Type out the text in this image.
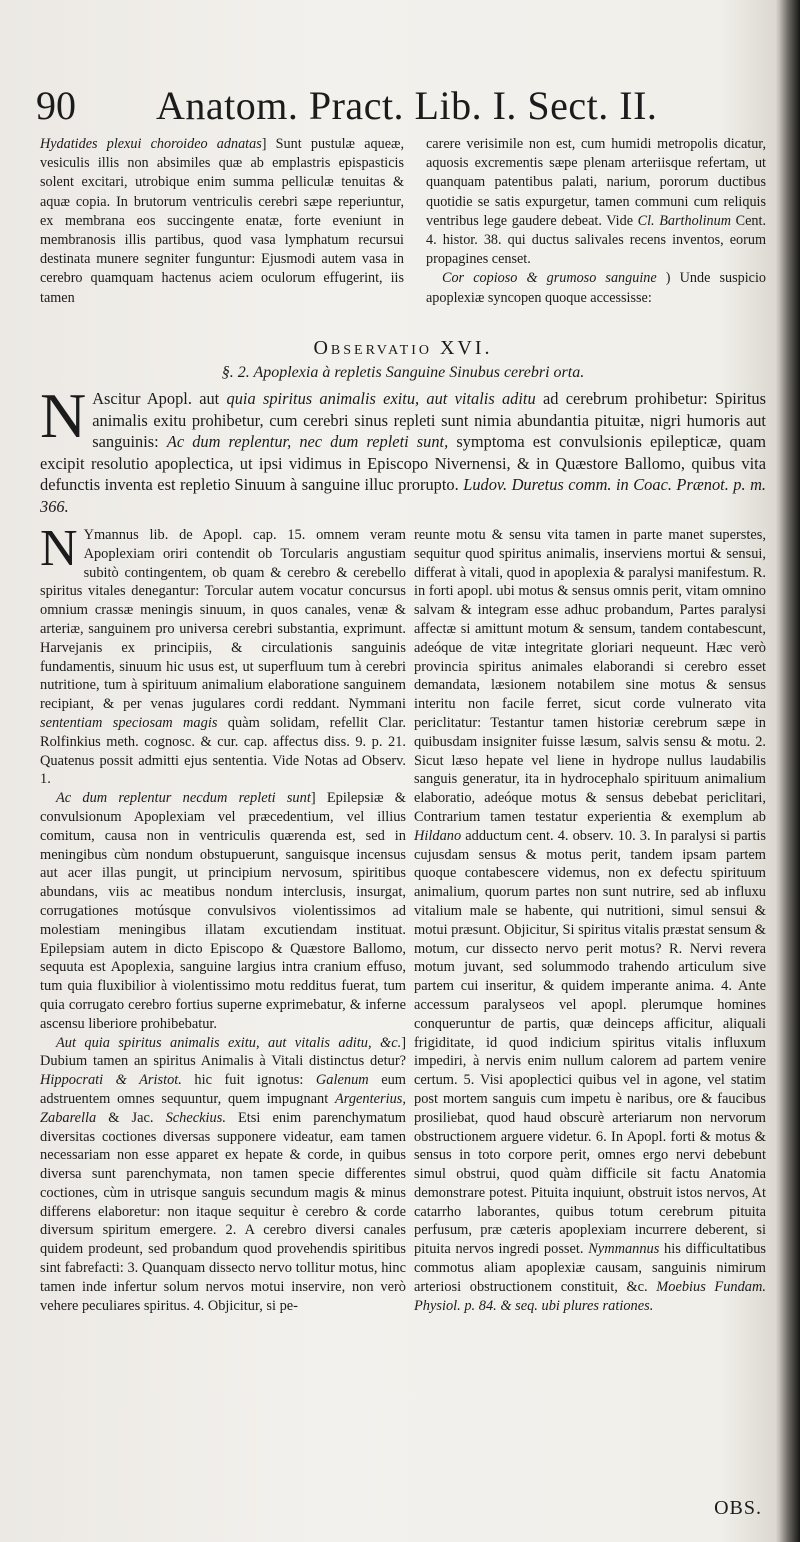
90 Anatom. Pract. Lib. I. Sect. II.

Hydatides plexui choroideo adnatas] Sunt pustulæ aqueæ, vesiculis illis non absimiles quæ ab emplastris epispasticis solent excitari, utrobique enim summa pelliculæ tenuitas & aquæ copia. In brutorum ventriculis cerebri sæpe reperiuntur, ex membrana eos succingente enatæ, forte eveniunt in membranosis illis partibus, quod vasa lymphatum recursui destinata munere segniter funguntur: Ejusmodi autem vasa in cerebro quamquam hactenus aciem oculorum effugerint, iis tamen

carere verisimile non est, cum humidi metropolis dicatur, aquosis excrementis sæpe plenam arteriisque refertam, ut quanquam patentibus palati, narium, pororum ductibus quotidie se satis expurgetur, tamen communi cum reliquis ventribus lege gaudere debeat. Vide Cl. Bartholinum Cent. 4. histor. 38. qui ductus salivales recens inventos, eorum propagines censet.

Cor copioso & grumoso sanguine ) Unde suspicio apoplexiæ syncopen quoque accessisse:

Observatio XVI.
§. 2. Apoplexia à repletis Sanguine Sinubus cerebri orta.

N Ascitur Apopl. aut quia spiritus animalis exitu, aut vitalis aditu ad cerebrum prohibetur: Spiritus animalis exitu prohibetur, cum cerebri sinus repleti sunt nimia abundantia pituitæ, nigri humoris aut sanguinis: Ac dum replentur, nec dum repleti sunt, symptoma est convulsionis epilepticæ, quam excipit resolutio apoplectica, ut ipsi vidimus in Episcopo Nivernensi, & in Quæstore Ballomo, quibus vita defunctis inventa est repletio Sinuum à sanguine illuc prorupto. Ludov. Duretus comm. in Coac. Prænot. p. m. 366.

N Ymannus lib. de Apopl. cap. 15. omnem veram Apoplexiam oriri contendit ob Torcularis angustiam subitò contingentem, ob quam & cerebro & cerebello spiritus vitales denegantur: Torcular autem vocatur concursus omnium crassæ meningis sinuum, in quos canales, venæ & arteriæ, sanguinem pro universa cerebri substantia, exprimunt. Harvejanis ex principiis, & circulationis sanguinis fundamentis, sinuum hic usus est, ut superfluum tum à cerebri nutritione, tum à spirituum animalium elaboratione sanguinem recipiant, & per venas jugulares cordi reddant. Nymmani sententiam speciosam magis quàm solidam, refellit Clar. Rolfinkius meth. cognosc. & cur. cap. affectus diss. 9. p. 21. Quatenus possit admitti ejus sententia. Vide Notas ad Observ. 1.

Ac dum replentur necdum repleti sunt] Epilepsiæ & convulsionum Apoplexiam vel præcedentium, vel illius comitum, causa non in ventriculis quærenda est, sed in meningibus cùm nondum obstupuerunt, sanguisque incensus aut acer illas pungit, ut principium nervosum, spiritibus abundans, viis ac meatibus nondum interclusis, insurgat, corrugationes motúsque convulsivos violentissimos ad molestiam meningibus illatam excutiendam instituat. Epilepsiam autem in dicto Episcopo & Quæstore Ballomo, sequuta est Apoplexia, sanguine largius intra cranium effuso, tum quia fluxibilior à violentissimo motu redditus fuerat, tum quia corrugato cerebro fortius superne exprimebatur, & inferne ascensu liberiore prohibebatur.

Aut quia spiritus animalis exitu, aut vitalis aditu, &c.] Dubium tamen an spiritus Animalis à Vitali distinctus detur? Hippocrati & Aristot. hic fuit ignotus: Galenum eum adstruentem omnes sequuntur, quem impugnant Argenterius, Zabarella & Jac. Scheckius. Etsi enim parenchymatum diversitas coctiones diversas supponere videatur, eam tamen necessariam non esse apparet ex hepate & corde, in quibus diversa sunt parenchymata, non tamen specie differentes coctiones, cùm in utrisque sanguis secundum magis & minus differens elaboretur: non itaque sequitur è cerebro & corde diversum spiritum emergere. 2. A cerebro diversi canales quidem prodeunt, sed probandum quod provehendis spiritibus sint fabrefacti: 3. Quanquam dissecto nervo tollitur motus, hinc tamen inde infertur solum nervos motui inservire, non verò vehere peculiares spiritus. 4. Objicitur, si pe-

reunte motu & sensu vita tamen in parte manet superstes, sequitur quod spiritus animalis, inserviens mortui & sensui, differat à vitali, quod in apoplexia & paralysi manifestum. R. in forti apopl. ubi motus & sensus omnis perit, vitam omnino salvam & integram esse adhuc probandum, Partes paralysi affectæ si amittunt motum & sensum, tandem contabescunt, adeóque de vitæ integritate gloriari nequeunt. Hæc verò provincia spiritus animales elaborandi si cerebro esset demandata, læsionem notabilem sine motus & sensus interitu non facile ferret, sicut corde vulnerato vita periclitatur: Testantur tamen historiæ cerebrum sæpe in quibusdam insigniter fuisse læsum, salvis sensu & motu. 2. Sicut læso hepate vel liene in hydrope nullus laudabilis sanguis generatur, ita in hydrocephalo spirituum animalium elaboratio, adeóque motus & sensus debebat periclitari, Contrarium tamen testatur experientia & exemplum ab Hildano adductum cent. 4. observ. 10. 3. In paralysi si partis cujusdam sensus & motus perit, tandem ipsam partem quoque contabescere videmus, non ex defectu spirituum animalium, quorum partes non sunt nutrire, sed ab influxu vitalium male se habente, qui nutritioni, simul sensui & motui præsunt. Objicitur, Si spiritus vitalis præstat sensum & motum, cur dissecto nervo perit motus? R. Nervi revera motum juvant, sed solummodo trahendo articulum sive partem cui inseritur, & quidem imperante anima. 4. Ante accessum paralyseos vel apopl. plerumque homines conqueruntur de partis, quæ deinceps afficitur, aliquali frigiditate, id quod indicium spiritus vitalis influxum impediri, à nervis enim nullum calorem ad partem venire certum. 5. Visi apoplectici quibus vel in agone, vel statim post mortem sanguis cum impetu è naribus, ore & faucibus prosiliebat, quod haud obscurè arteriarum non nervorum obstructionem arguere videtur. 6. In Apopl. forti & motus & sensus in toto corpore perit, omnes ergo nervi debebunt simul obstrui, quod quàm difficile sit factu Anatomia demonstrare potest. Pituita inquiunt, obstruit istos nervos, At catarrho laborantes, quibus totum cerebrum pituita perfusum, præ cæteris apoplexiam incurrere deberent, si pituita nervos ingredi posset. Nymmannus his difficultatibus commotus aliam apoplexiæ causam, sanguinis nimirum arteriosi obstructionem constituit, &c. Moebius Fundam. Physiol. p. 84. & seq. ubi plures rationes.

OBS.
